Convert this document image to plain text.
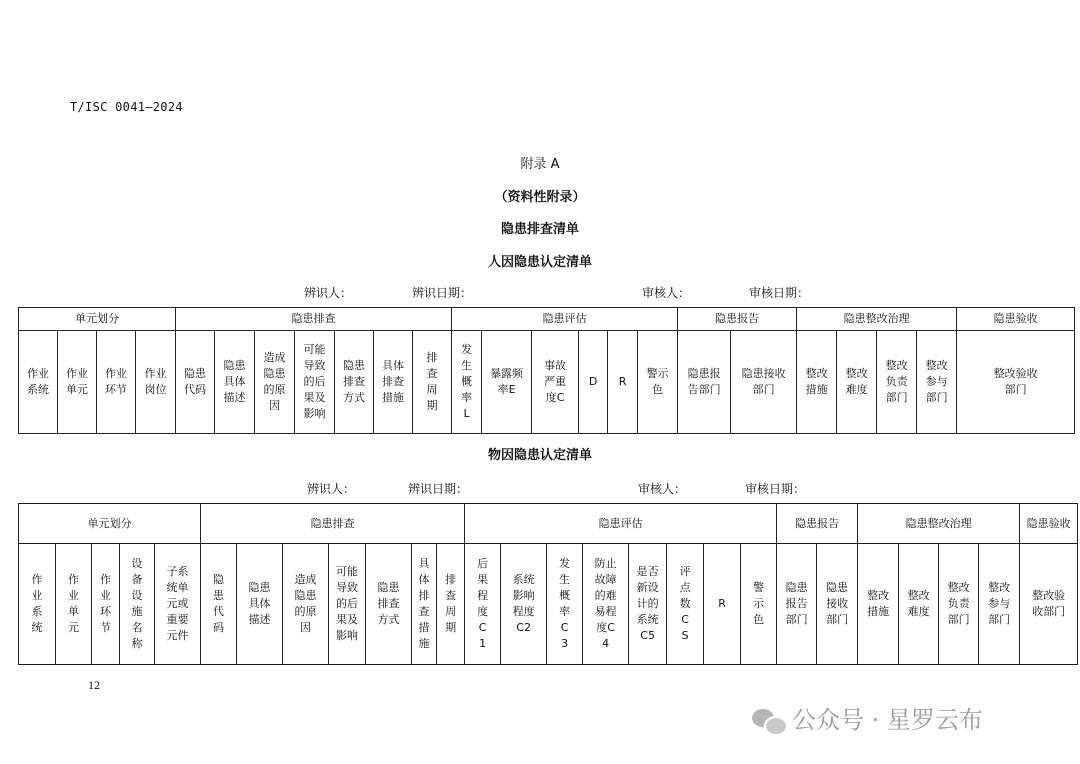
T/ISC 0041—2024
附录 A
（资料性附录）
隐患排查清单
人因隐患认定清单
辨识人：	辨识日期：	审核人：	审核日期：
单元划分				隐患排查							隐患评估						隐患报告		隐患整改治理				隐患验收
作业系统	作业单元	作业环节	作业岗位	隐患代码	隐患具体描述	造成隐患的原因	可能导致的后果及影响	隐患排查方式	具体排查措施	排查周期	发生概率L	暴露频率E	事故严重度C	D	R	警示色	隐患报告部门	隐患接收部门	整改措施	整改难度	整改负责部门	整改参与部门	整改验收部门
物因隐患认定清单
辨识人：	辨识日期：	审核人：	审核日期：
单元划分					隐患排查							隐患评估								隐患报告		隐患整改治理				隐患验收
作业系统	作业单元	作业环节	设备设施名称	子系统单元或重要元件	隐患代码	隐患具体描述	造成隐患的原因	可能导致的后果及影响	隐患排查方式	具体排查措施	排查周期	后果程度C1	系统影响程度C2	发生概率C3	防止故障的难易程度C4	是否新设计的系统C5	评点数CS	R	警示色	隐患报告部门	隐患接收部门	整改措施	整改难度	整改负责部门	整改参与部门	整改验收部门
12
公众号 · 星罗云布
